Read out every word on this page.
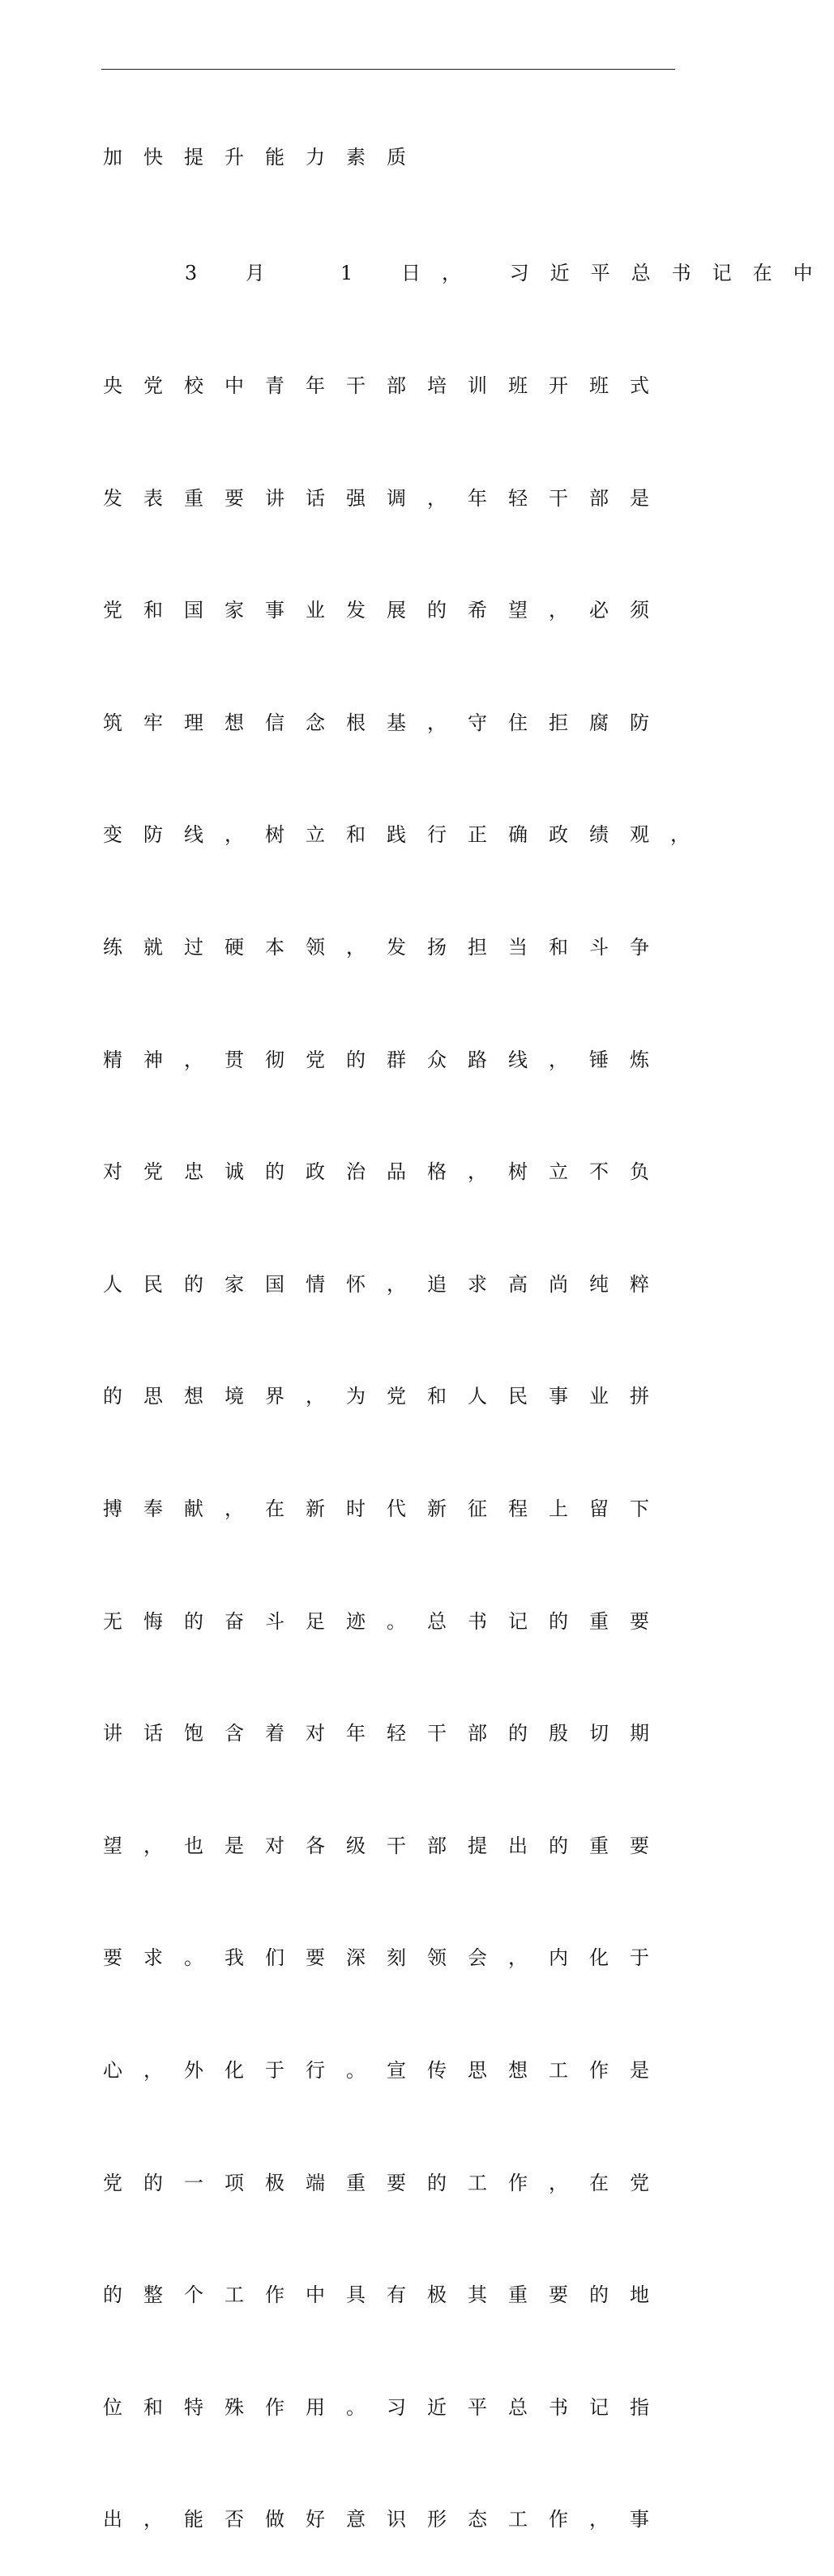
加快提升能力素质

3 月  1 日， 习近平总书记在中

央党校中青年干部培训班开班式

发表重要讲话强调，年轻干部是

党和国家事业发展的希望，必须

筑牢理想信念根基，守住拒腐防

变防线，树立和践行正确政绩观，

练就过硬本领，发扬担当和斗争

精神，贯彻党的群众路线，锤炼

对党忠诚的政治品格，树立不负

人民的家国情怀，追求高尚纯粹

的思想境界，为党和人民事业拼

搏奉献，在新时代新征程上留下

无悔的奋斗足迹。总书记的重要

讲话饱含着对年轻干部的殷切期

望，也是对各级干部提出的重要

要求。我们要深刻领会，内化于

心，外化于行。宣传思想工作是

党的一项极端重要的工作，在党

的整个工作中具有极其重要的地

位和特殊作用。习近平总书记指

出，能否做好意识形态工作，事
